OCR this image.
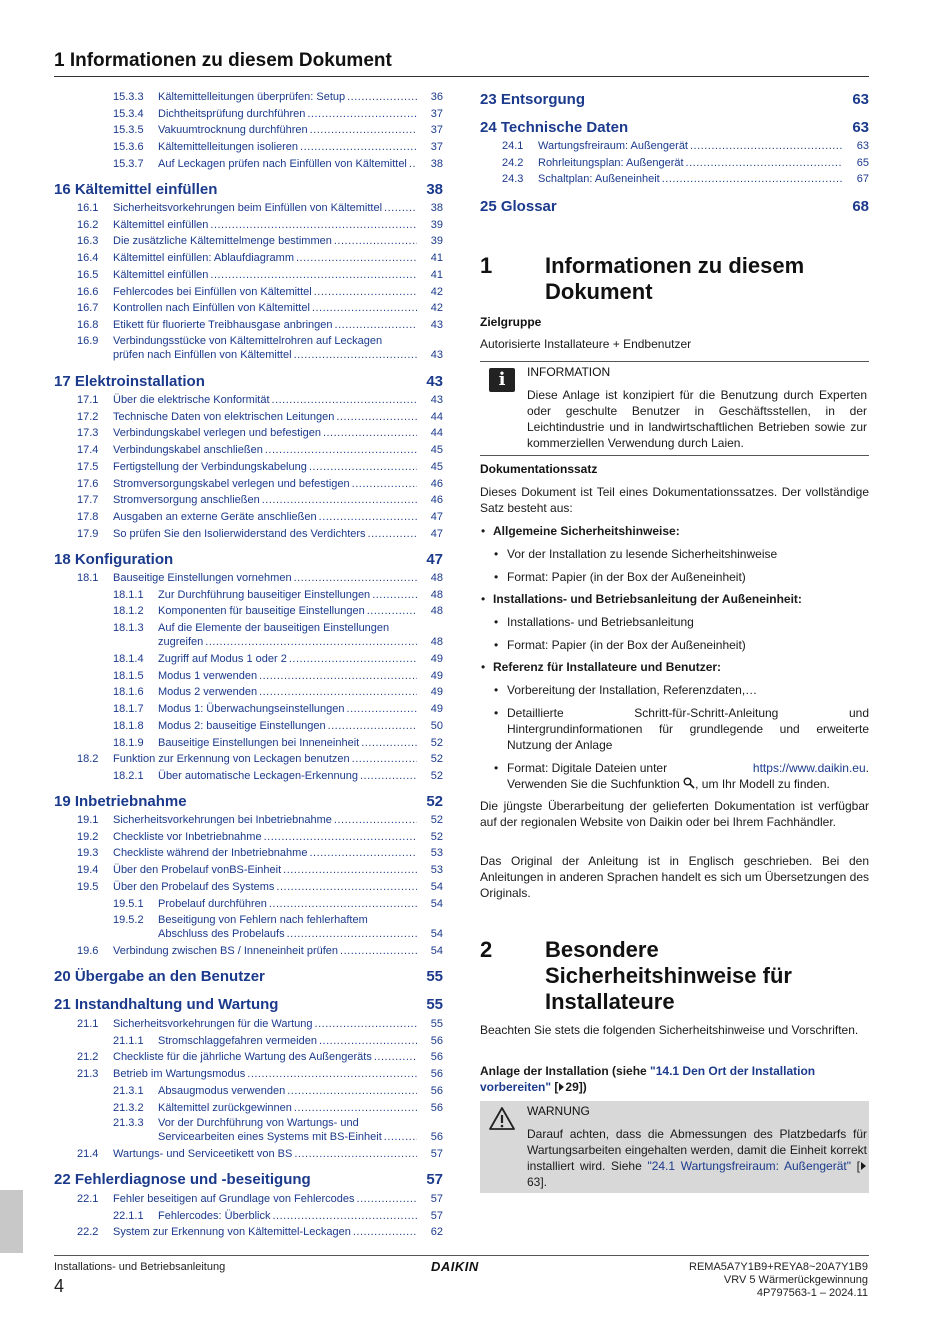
1 Informationen zu diesem Dokument
15.3.3	Kältemittelleitungen überprüfen: Setup .....	36
15.3.4	Dichtheitsprüfung durchführen .....	37
15.3.5	Vakuumtrocknung durchführen .....	37
15.3.6	Kältemittelleitungen isolieren .....	37
15.3.7	Auf Leckagen prüfen nach Einfüllen von Kältemittel .....	38
16 Kältemittel einfüllen	38
16.1	Sicherheitsvorkehrungen beim Einfüllen von Kältemittel .....	38
16.2	Kältemittel einfüllen .....	39
16.3	Die zusätzliche Kältemittelmenge bestimmen .....	39
16.4	Kältemittel einfüllen: Ablaufdiagramm .....	41
16.5	Kältemittel einfüllen .....	41
16.6	Fehlercodes bei Einfüllen von Kältemittel .....	42
16.7	Kontrollen nach Einfüllen von Kältemittel .....	42
16.8	Etikett für fluorierte Treibhausgase anbringen .....	43
16.9 Verbindungsstücke von Kältemittelrohren auf Leckagen
prüfen nach Einfüllen von Kältemittel .....	43
17 Elektroinstallation	43
17.1	Über die elektrische Konformität .....	43
17.2	Technische Daten von elektrischen Leitungen .....	44
17.3	Verbindungskabel verlegen und befestigen .....	44
17.4	Verbindungskabel anschließen .....	45
17.5	Fertigstellung der Verbindungskabelung .....	45
17.6	Stromversorgungskabel verlegen und befestigen .....	46
17.7	Stromversorgung anschließen .....	46
17.8	Ausgaben an externe Geräte anschließen .....	47
17.9	So prüfen Sie den Isolierwiderstand des Verdichters .....	47
18 Konfiguration	47
18.1	Bauseitige Einstellungen vornehmen .....	48
18.1.1	Zur Durchführung bauseitiger Einstellungen .....	48
18.1.2	Komponenten für bauseitige Einstellungen .....	48
18.1.3 Auf die Elemente der bauseitigen Einstellungen
zugreifen .....	48
18.1.4	Zugriff auf Modus 1 oder 2 .....	49
18.1.5	Modus 1 verwenden .....	49
18.1.6	Modus 2 verwenden .....	49
18.1.7	Modus 1: Überwachungseinstellungen .....	49
18.1.8	Modus 2: bauseitige Einstellungen .....	50
18.1.9	Bauseitige Einstellungen bei Inneneinheit .....	52
18.2	Funktion zur Erkennung von Leckagen benutzen .....	52
18.2.1	Über automatische Leckagen-Erkennung .....	52
19 Inbetriebnahme	52
19.1	Sicherheitsvorkehrungen bei Inbetriebnahme .....	52
19.2	Checkliste vor Inbetriebnahme .....	52
19.3	Checkliste während der Inbetriebnahme .....	53
19.4	Über den Probelauf vonBS-Einheit .....	53
19.5	Über den Probelauf des Systems .....	54
19.5.1	Probelauf durchführen .....	54
19.5.2 Beseitigung von Fehlern nach fehlerhaftem
Abschluss des Probelaufs .....	54
19.6	Verbindung zwischen BS / Inneneinheit prüfen .....	54
20 Übergabe an den Benutzer	55
21 Instandhaltung und Wartung	55
21.1	Sicherheitsvorkehrungen für die Wartung .....	55
21.1.1	Stromschlaggefahren vermeiden .....	56
21.2	Checkliste für die jährliche Wartung des Außengeräts .....	56
21.3	Betrieb im Wartungsmodus .....	56
21.3.1	Absaugmodus verwenden .....	56
21.3.2	Kältemittel zurückgewinnen .....	56
21.3.3 Vor der Durchführung von Wartungs- und
Servicearbeiten eines Systems mit BS-Einheit .....	56
21.4	Wartungs- und Serviceetikett von BS .....	57
22 Fehlerdiagnose und -beseitigung	57
22.1	Fehler beseitigen auf Grundlage von Fehlercodes .....	57
22.1.1	Fehlercodes: Überblick .....	57
22.2	System zur Erkennung von Kältemittel-Leckagen .....	62
23 Entsorgung	63
24 Technische Daten	63
24.1	Wartungsfreiraum: Außengerät .....	63
24.2	Rohrleitungsplan: Außengerät .....	65
24.3	Schaltplan: Außeneinheit .....	67
25 Glossar	68
1 Informationen zu diesem
Dokument
Zielgruppe
Autorisierte Installateure + Endbenutzer
i	INFORMATION
Diese Anlage ist konzipiert für die Benutzung durch Experten oder geschulte Benutzer in Geschäftsstellen, in der Leichtindustrie und in landwirtschaftlichen Betrieben sowie zur kommerziellen Verwendung durch Laien.
Dokumentationssatz
Dieses Dokument ist Teil eines Dokumentationssatzes. Der vollständige Satz besteht aus:
• Allgemeine Sicherheitshinweise:
• Vor der Installation zu lesende Sicherheitshinweise
• Format: Papier (in der Box der Außeneinheit)
• Installations- und Betriebsanleitung der Außeneinheit:
• Installations- und Betriebsanleitung
• Format: Papier (in der Box der Außeneinheit)
• Referenz für Installateure und Benutzer:
• Vorbereitung der Installation, Referenzdaten,…
• Detaillierte Schritt-für-Schritt-Anleitung und
Hintergrundinformationen für grundlegende und erweiterte
Nutzung der Anlage
• Format: Digitale Dateien unter	https://www.daikin.eu.
Verwenden Sie die Suchfunktion , um Ihr Modell zu finden.
Die jüngste Überarbeitung der gelieferten Dokumentation ist verfügbar auf der regionalen Website von Daikin oder bei Ihrem Fachhändler.
Das Original der Anleitung ist in Englisch geschrieben. Bei den Anleitungen in anderen Sprachen handelt es sich um Übersetzungen des Originals.
2 Besondere
Sicherheitshinweise für
Installateure
Beachten Sie stets die folgenden Sicherheitshinweise und Vorschriften.
Anlage der Installation (siehe "14.1 Den Ort der Installation vorbereiten" [ 29])
WARNUNG
Darauf achten, dass die Abmessungen des Platzbedarfs für Wartungsarbeiten eingehalten werden, damit die Einheit korrekt installiert wird. Siehe "24.1 Wartungsfreiraum: Außengerät" [63].
Installations- und Betriebsanleitung
4
DAIKIN	REMA5A7Y1B9+REYA8~20A7Y1B9
VRV 5 Wärmerückgewinnung
4P797563-1 – 2024.11
